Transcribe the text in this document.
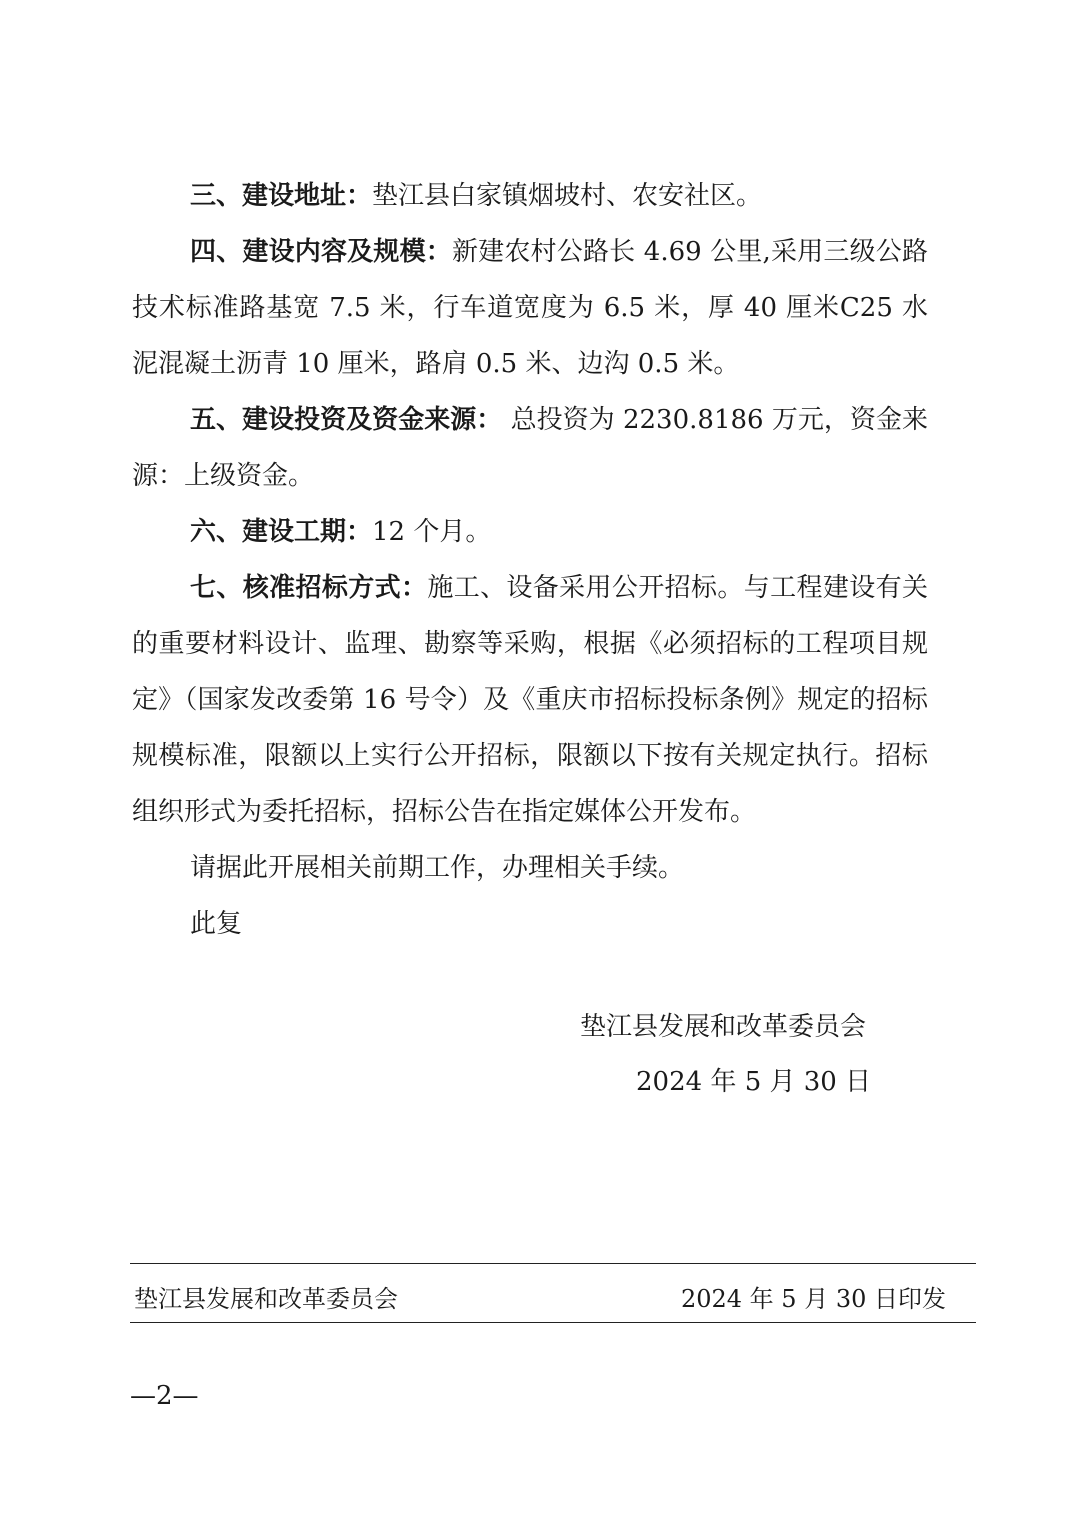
三、建设地址：垫江县白家镇烟坡村、农安社区。

四、建设内容及规模：新建农村公路长 4.69 公里,采用三级公路技术标准路基宽 7.5 米，行车道宽度为 6.5 米，厚 40 厘米C25 水泥混凝土沥青 10 厘米，路肩 0.5 米、边沟 0.5 米。

五、建设投资及资金来源： 总投资为 2230.8186 万元，资金来源：上级资金。

六、建设工期：12 个月。

七、核准招标方式：施工、设备采用公开招标。与工程建设有关的重要材料设计、监理、勘察等采购，根据《必须招标的工程项目规定》（国家发改委第 16 号令）及《重庆市招标投标条例》规定的招标规模标准，限额以上实行公开招标，限额以下按有关规定执行。招标组织形式为委托招标，招标公告在指定媒体公开发布。

请据此开展相关前期工作，办理相关手续。

此复

垫江县发展和改革委员会
2024 年 5 月 30 日
垫江县发展和改革委员会	2024 年 5 月 30 日印发
—2—
